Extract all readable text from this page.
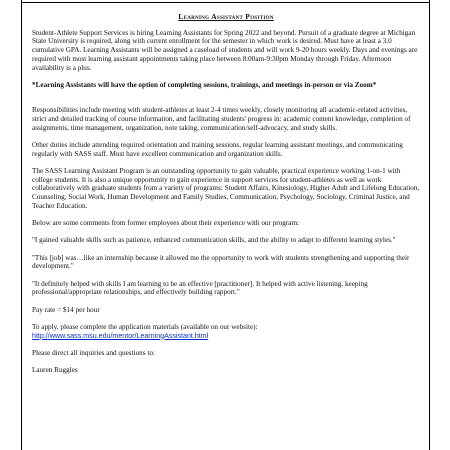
Learning Assistant Position

Student-Athlete Support Services is hiring Learning Assistants for Spring 2022 and beyond. Pursuit of a graduate degree at Michigan State University is required, along with current enrollment for the semester in which work is desired. Must have at least a 3.0 cumulative GPA. Learning Assistants will be assigned a caseload of students and will work 9-20 hours weekly. Days and evenings are required with most learning assistant appointments taking place between 8:00am-9:30pm Monday through Friday. Afternoon availability is a plus.

*Learning Assistants will have the option of completing sessions, trainings, and meetings in-person or via Zoom*

Responsibilities include meeting with student-athletes at least 2-4 times weekly, closely monitoring all academic-related activities, strict and detailed tracking of course information, and facilitating students' progress in: academic content knowledge, completion of assignments, time management, organization, note taking, communication/self-advocacy, and study skills.

Other duties include attending required orientation and training sessions, regular learning assistant meetings, and communicating regularly with SASS staff. Must have excellent communication and organization skills.

The SASS Learning Assistant Program is an outstanding opportunity to gain valuable, practical experience working 1-on-1 with college students. It is also a unique opportunity to gain experience in support services for student-athletes as well as work collaboratively with graduate students from a variety of programs: Student Affairs, Kinesiology, Higher Adult and Lifelong Education, Counseling, Social Work, Human Development and Family Studies, Communication, Psychology, Sociology, Criminal Justice, and Teacher Education.

Below are some comments from former employees about their experience with our program:

"I gained valuable skills such as patience, enhanced communication skills, and the ability to adapt to different learning styles."

"This [job] was…like an internship because it allowed me the opportunity to work with students strengthening and supporting their development."

"It definitely helped with skills I am learning to be an effective [practitioner]. It helped with active listening, keeping professional/appropriate relationships, and effectively building rapport."

Pay rate = $14 per hour

To apply, please complete the application materials (available on our website):
http://www.sass.msu.edu/mentor/LearningAssistant.html

Please direct all inquiries and questions to:

Lauren Ruggles
